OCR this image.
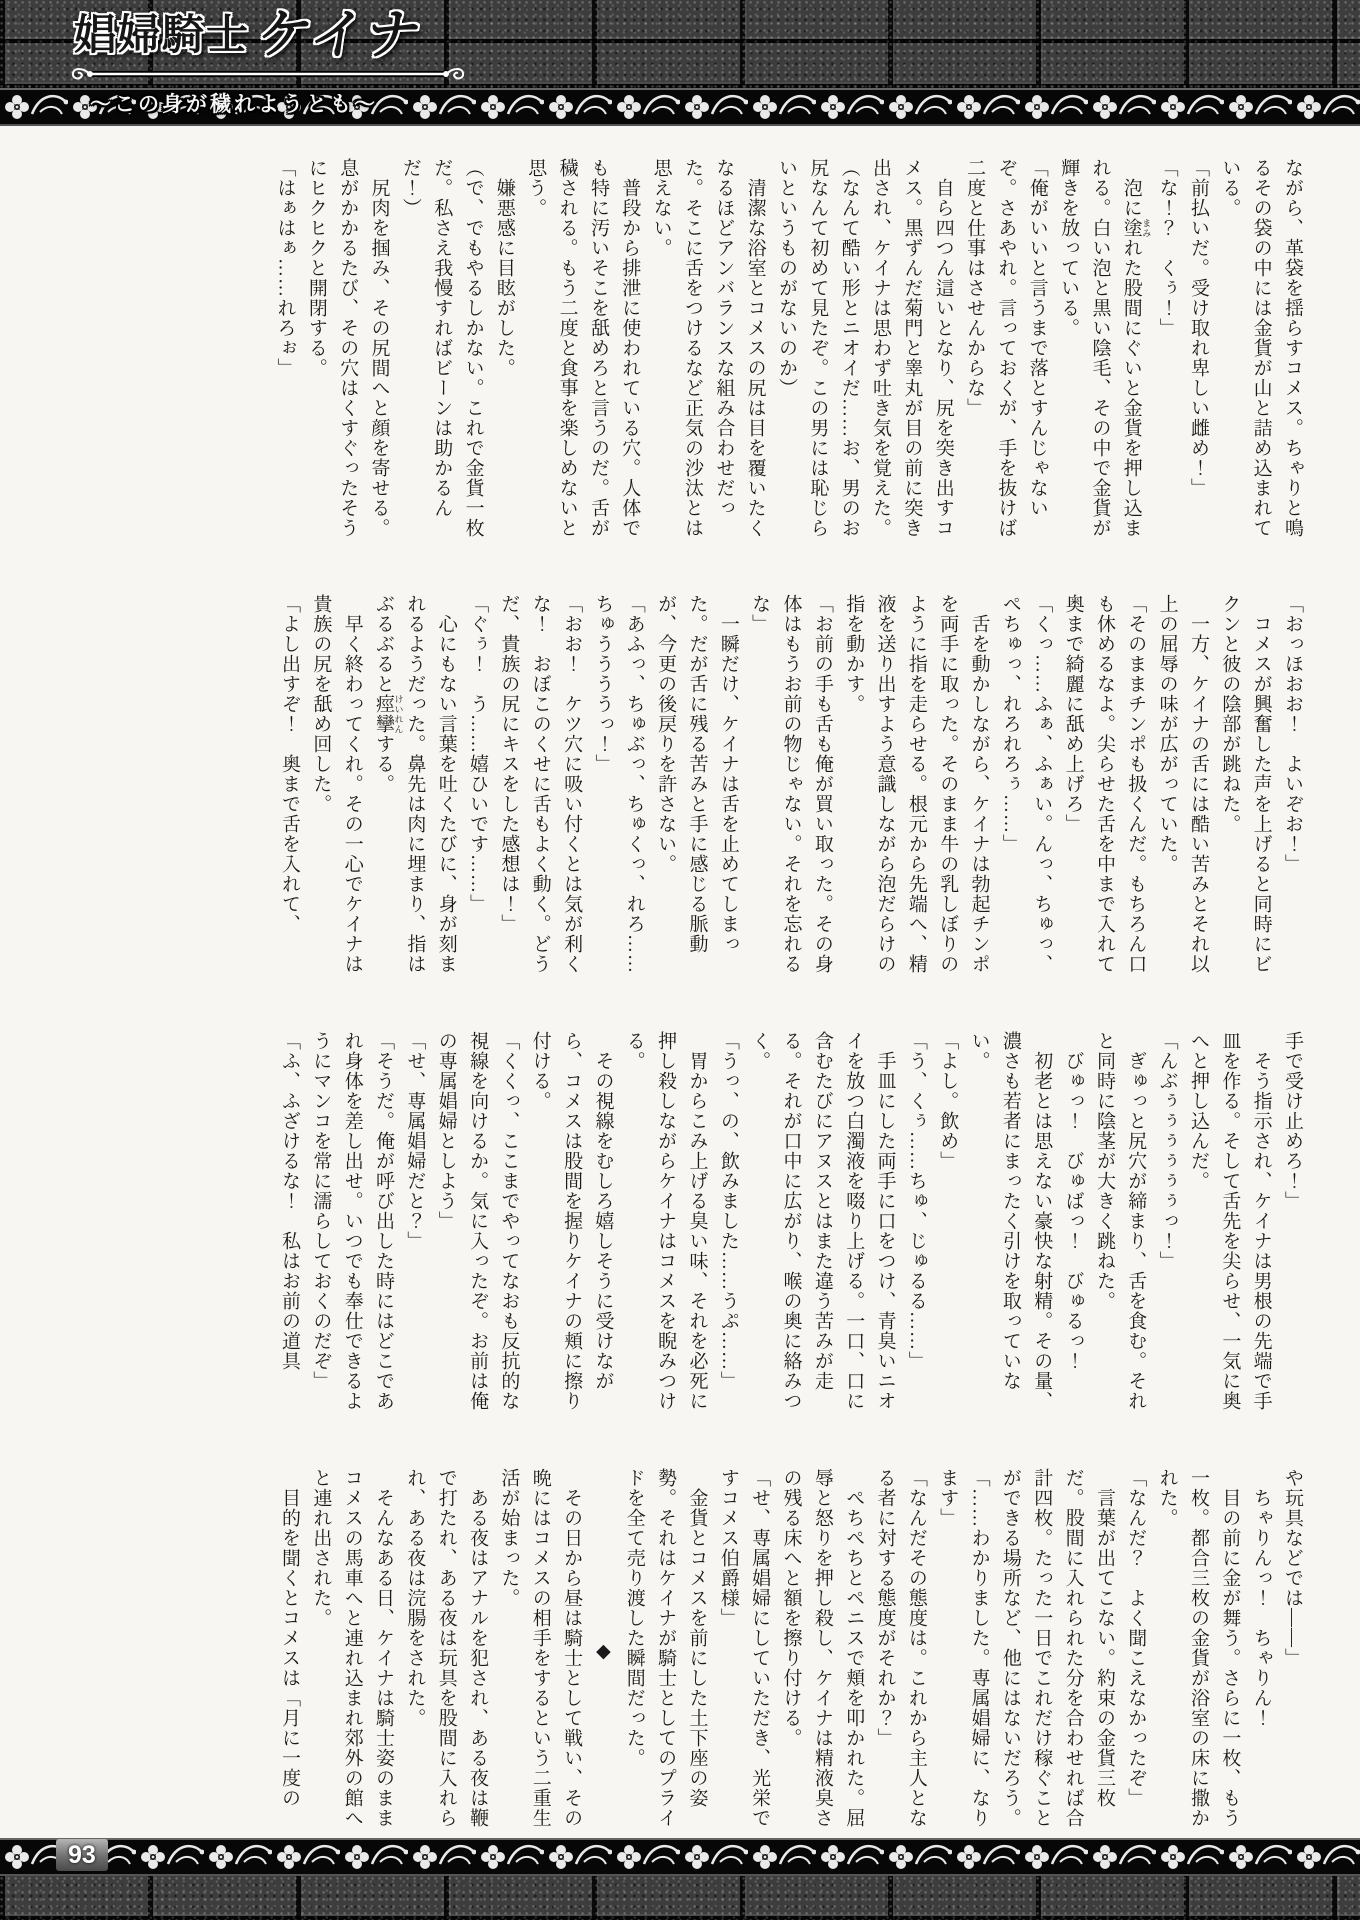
娼婦騎士ケイナ
〜この身が穢れようとも〜

ながら、革袋を揺らすコメス。ちゃりと鳴るその袋の中には金貨が山と詰め込まれている。

「前払いだ。受け取れ卑しい雌め！」

「な！？　くぅ！」

　泡に塗 まみれた股間にぐいと金貨を押し込まれる。白い泡と黒い陰毛、その中で金貨が輝きを放っている。

「俺がいいと言うまで落とすんじゃないぞ。さあやれ。言っておくが、手を抜けば二度と仕事はさせんからな」

　自ら四つん這いとなり、尻を突き出すコメス。黒ずんだ菊門と睾丸が目の前に突き出され、ケイナは思わず吐き気を覚えた。

（なんて酷い形とニオイだ……お、男のお尻なんて初めて見たぞ。この男には恥じらいというものがないのか）

　清潔な浴室とコメスの尻は目を覆いたくなるほどアンバランスな組み合わせだった。そこに舌をつけるなど正気の沙汰とは思えない。

　普段から排泄に使われている穴。人体でも特に汚いそこを舐めろと言うのだ。舌が穢される。もう二度と食事を楽しめないと思う。

　嫌悪感に目眩がした。

（で、でもやるしかない。これで金貨一枚だ。私さえ我慢すればビーンは助かるんだ！）

　尻肉を掴み、その尻間へと顔を寄せる。息がかかるたび、その穴はくすぐったそうにヒクヒクと開閉する。

「はぁはぁ……れろぉ」

「おっほおお！　よいぞお！」

　コメスが興奮した声を上げると同時にビクンと彼の陰部が跳ねた。

　一方、ケイナの舌には酷い苦みとそれ以上の屈辱の味が広がっていた。

「そのままチンポも扱くんだ。もちろん口も休めるなよ。尖らせた舌を中まで入れて奥まで綺麗に舐め上げろ」

「くっ……ふぁ、ふぁい。んっ、ちゅっ、ぺちゅっ、れろれろぅ……」

　舌を動かしながら、ケイナは勃起チンポを両手に取った。そのまま牛の乳しぼりのように指を走らせる。根元から先端へ、精液を送り出すよう意識しながら泡だらけの指を動かす。

「お前の手も舌も俺が買い取った。その身体はもうお前の物じゃない。それを忘れるな」

　一瞬だけ、ケイナは舌を止めてしまった。だが舌に残る苦みと手に感じる脈動が、今更の後戻りを許さない。

「あふっ、ちゅぶっ、ちゅくっ、れろ……ちゅううううっ！」

「おお！　ケツ穴に吸い付くとは気が利くな！　おぼこのくせに舌もよく動く。どうだ、貴族の尻にキスをした感想は！」

「ぐぅ！　う……嬉ひいです……」

　心にもない言葉を吐くたびに、身が刻まれるようだった。鼻先は肉に埋まり、指はぶるぶると痙攣 けいれんする。

　早く終わってくれ。その一心でケイナは貴族の尻を舐め回した。

「よし出すぞ！　奥まで舌を入れて、

手で受け止めろ！」

　そう指示され、ケイナは男根の先端で手皿を作る。そして舌先を尖らせ、一気に奥へと押し込んだ。

「んぶぅぅぅぅぅぅっ！」

　ぎゅっと尻穴が締まり、舌を食む。それと同時に陰茎が大きく跳ねた。

　びゅっ！　びゅばっ！　びゅるっ！

　初老とは思えない豪快な射精。その量、濃さも若者にまったく引けを取っていない。

「よし。飲め」

「う、くぅ……ちゅ、じゅるる……」

　手皿にした両手に口をつけ、青臭いニオイを放つ白濁液を啜り上げる。一口、口に含むたびにアヌスとはまた違う苦みが走る。それが口中に広がり、喉の奥に絡みつく。

「うっ、の、飲みました……うぷ……」

　胃からこみ上げる臭い味、それを必死に押し殺しながらケイナはコメスを睨みつける。

　その視線をむしろ嬉しそうに受けながら、コメスは股間を握りケイナの頬に擦り付ける。

「くくっ、ここまでやってなおも反抗的な視線を向けるか。気に入ったぞ。お前は俺の専属娼婦としよう」

「せ、専属娼婦だと？」

「そうだ。俺が呼び出した時にはどこであれ身体を差し出せ。いつでも奉仕できるようにマンコを常に濡らしておくのだぞ」

「ふ、ふざけるな！　私はお前の道具

や玩具などでは――」

　ちゃりんっ！　ちゃりん！

　目の前に金が舞う。さらに一枚、もう一枚。都合三枚の金貨が浴室の床に撒かれた。

「なんだ？　よく聞こえなかったぞ」

　言葉が出てこない。約束の金貨三枚だ。股間に入れられた分を合わせれば合計四枚。たった一日でこれだけ稼ぐことができる場所など、他にはないだろう。

「……わかりました。専属娼婦に、なります」

「なんだその態度は。これから主人となる者に対する態度がそれか？」

　ぺちぺちとペニスで頬を叩かれた。屈辱と怒りを押し殺し、ケイナは精液臭さの残る床へと額を擦り付ける。

「せ、専属娼婦にしていただき、光栄ですコメス伯爵様」

　金貨とコメスを前にした土下座の姿勢。それはケイナが騎士としてのプライドを全て売り渡した瞬間だった。

◆

　その日から昼は騎士として戦い、その晩にはコメスの相手をするという二重生活が始まった。

　ある夜はアナルを犯され、ある夜は鞭で打たれ、ある夜は玩具を股間に入れられ、ある夜は浣腸をされた。

　そんなある日、ケイナは騎士姿のままコメスの馬車へと連れ込まれ郊外の館へと連れ出された。

　目的を聞くとコメスは「月に一度の

93
